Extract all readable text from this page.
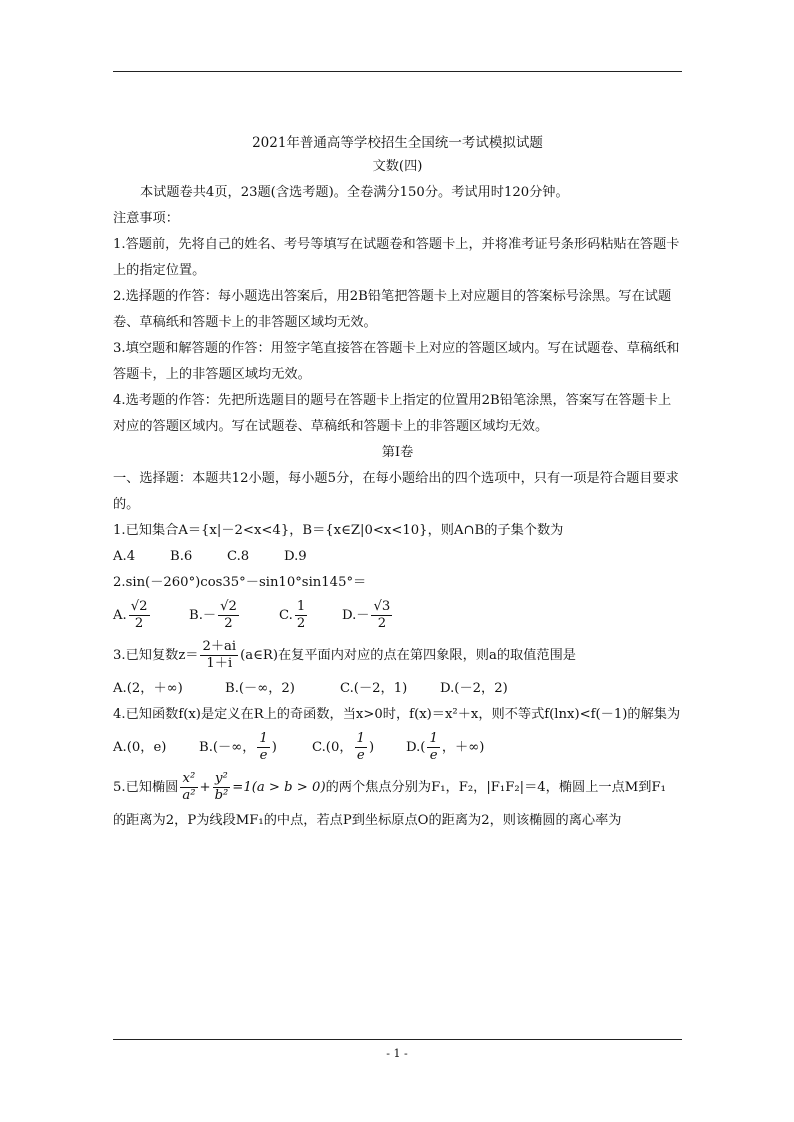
2021年普通高等学校招生全国统一考试模拟试题

文数(四)

本试题卷共4页，23题(含选考题)。全卷满分150分。考试用时120分钟。

注意事项：

1.答题前，先将自己的姓名、考号等填写在试题卷和答题卡上，并将准考证号条形码粘贴在答题卡上的指定位置。

2.选择题的作答：每小题选出答案后，用2B铅笔把答题卡上对应题目的答案标号涂黑。写在试题卷、草稿纸和答题卡上的非答题区域均无效。

3.填空题和解答题的作答：用签字笔直接答在答题卡上对应的答题区域内。写在试题卷、草稿纸和答题卡，上的非答题区域均无效。

4.选考题的作答：先把所选题目的题号在答题卡上指定的位置用2B铅笔涂黑，答案写在答题卡上对应的答题区域内。写在试题卷、草稿纸和答题卡上的非答题区域均无效。

第Ⅰ卷

一、选择题：本题共12小题，每小题5分，在每小题给出的四个选项中，只有一项是符合题目要求的。

1.已知集合A＝{x|－2<x<4}，B＝{x∈Z|0<x<10}，则A∩B的子集个数为

A.4	B.6	C.8	D.9

2.sin(－260°)cos35°－sin10°sin145°＝

A. $\frac{√2}{2}$	$B.- \frac{√2}{2}$	C. $\frac{1}{2}$	$D.- \frac{√3}{2}$

3.已知复数$z= \frac{2+ai}{1+i}$ (a∈R)在复平面内对应的点在第四象限，则a的取值范围是

A.(2，＋∞)	B.(－∞，2)	C.(－2，1)	D.(－2，2)

4.已知函数f(x)是定义在R上的奇函数，当x>0时，f(x)＝x²＋x，则不等式f(lnx)<f(－1)的解集为

A.(0，e)	B.(－∞， $\frac{1}{e}$ )	C.(0， $\frac{1}{e}$ )	$D.( \frac{1}{e}$ ，＋∞)

5.已知椭圆 $\frac{\text{x²}}{\text{a²}} + \frac{\text{y²}}{\text{b²}} =1(a > b > 0)$的两个焦点分别为F₁，F₂，|F₁F₂|＝4，椭圆上一点M到F₁

的距离为2，P为线段MF₁的中点，若点P到坐标原点O的距离为2，则该椭圆的离心率为

- 1 -
